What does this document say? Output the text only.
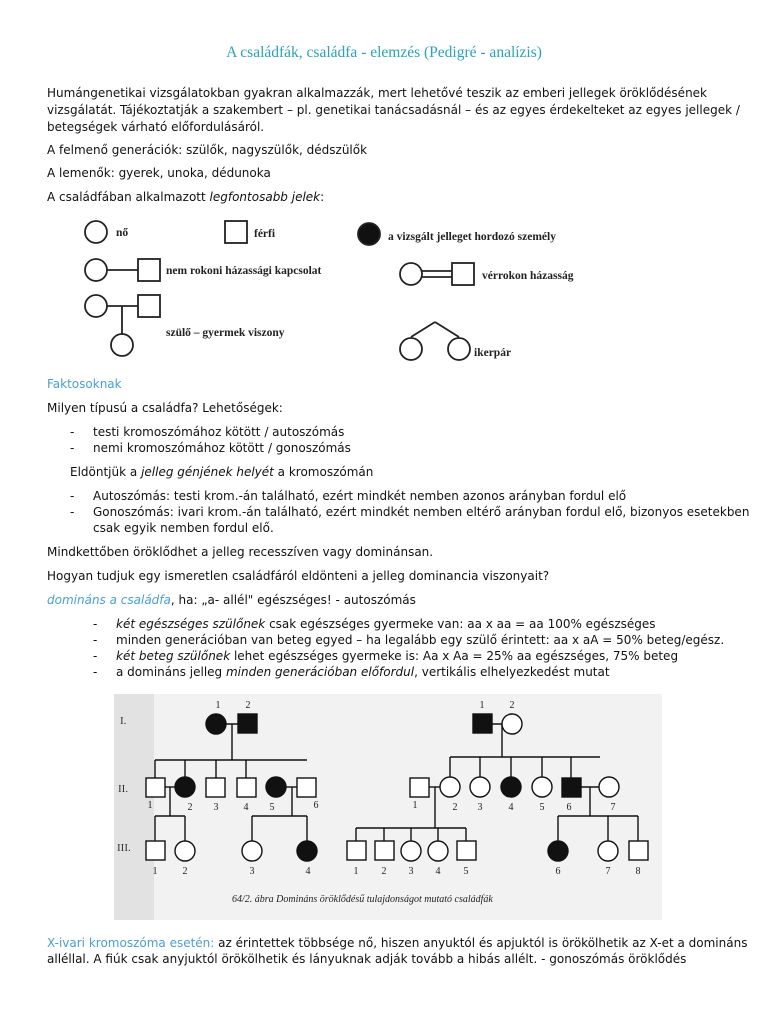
A családfák, családfa - elemzés (Pedigré - analízis)

Humángenetikai vizsgálatokban gyakran alkalmazzák, mert lehetővé teszik az emberi jellegek öröklődésének

vizsgálatát. Tájékoztatják a szakembert – pl. genetikai tanácsadásnál – és az egyes érdekelteket az egyes jellegek /

betegségek várható előfordulásáról.

A felmenő generációk: szülők, nagyszülők, dédszülők

A lemenők: gyerek, unoka, dédunoka

A családfában alkalmazott legfontosabb jelek:

nő	férfi	a vizsgált jelleget hordozó személy
nem rokoni házassági kapcsolat	vérrokon házasság
szülő – gyermek viszony
ikerpár

Faktosoknak

Milyen típusú a családfa? Lehetőségek:

- testi kromoszómához kötött / autoszómás

- nemi kromoszómához kötött / gonoszómás

Eldöntjük a jelleg génjének helyét a kromoszómán

- Autoszómás: testi krom.-án található, ezért mindkét nemben azonos arányban fordul elő

- Gonoszómás: ivari krom.-án található, ezért mindkét nemben eltérő arányban fordul elő, bizonyos esetekben

csak egyik nemben fordul elő.

Mindkettőben öröklődhet a jelleg recesszíven vagy dominánsan.

Hogyan tudjuk egy ismeretlen családfáról eldönteni a jelleg dominancia viszonyait?

domináns a családfa, ha: „a- allél" egészséges! - autoszómás

- két egészséges szülőnek csak egészséges gyermeke van: aa x aa = aa 100% egészséges

- minden generációban van beteg egyed – ha legalább egy szülő érintett: aa x aA = 50% beteg/egész.

- két beteg szülőnek lehet egészséges gyermeke is: Aa x Aa = 25% aa egészséges, 75% beteg

- a domináns jelleg minden generációban előfordul, vertikális elhelyezkedést mutat

I.
II.
III.
1	2
1	2 3	4 5	6
1	2	3	4
1	2
1	2 3	4	5 6	7
1 2 3 4 5	6	7	8
64/2. ábra Domináns öröklődésű tulajdonságot mutató családfák

X-ivari kromoszóma esetén: az érintettek többsége nő, hiszen anyuktól és apjuktól is örökölhetik az X-et a domináns

alléllal. A fiúk csak anyjuktól örökölhetik és lányuknak adják tovább a hibás allélt. - gonoszómás öröklődés
